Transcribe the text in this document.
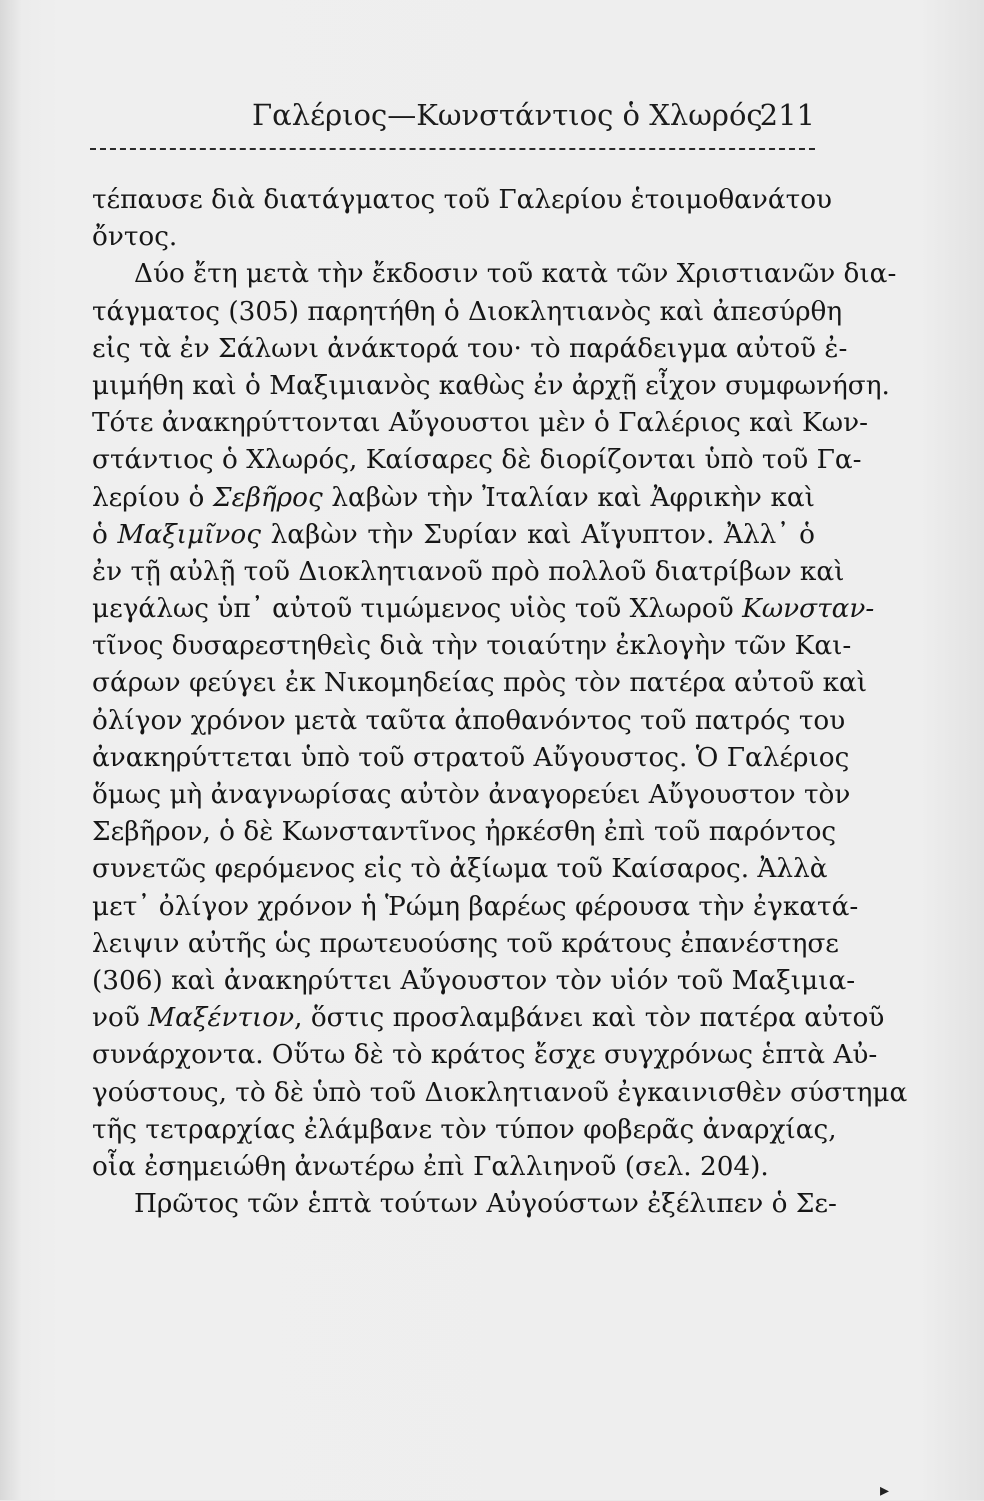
Γαλέριος—Κωνστάντιος ὁ Χλωρός
211
τέπαυσε διὰ διατάγματος τοῦ Γαλερίου ἑτοιμοθανάτου
ὄντος.
Δύο ἔτη μετὰ τὴν ἔκδοσιν τοῦ κατὰ τῶν Χριστιανῶν δια-
τάγματος (305) παρητήθη ὁ Διοκλητιανὸς καὶ ἀπεσύρθη
εἰς τὰ ἐν Σάλωνι ἀνάκτορά του· τὸ παράδειγμα αὐτοῦ ἐ-
μιμήθη καὶ ὁ Μαξιμιανὸς καθὼς ἐν ἀρχῇ εἶχον συμφωνήση.
Τότε ἀνακηρύττονται Αὔγουστοι μὲν ὁ Γαλέριος καὶ Κων-
στάντιος ὁ Χλωρός, Καίσαρες δὲ διορίζονται ὑπὸ τοῦ Γα-
λερίου ὁ Σεβῆρος λαβὼν τὴν Ἰταλίαν καὶ Ἀφρικὴν καὶ
ὁ Μαξιμῖνος λαβὼν τὴν Συρίαν καὶ Αἴγυπτον. Ἀλλ᾽ ὁ
ἐν τῇ αὐλῇ τοῦ Διοκλητιανοῦ πρὸ πολλοῦ διατρίβων καὶ
μεγάλως ὑπ᾽ αὐτοῦ τιμώμενος υἱὸς τοῦ Χλωροῦ Κωνσταν-
τῖνος δυσαρεστηθεὶς διὰ τὴν τοιαύτην ἐκλογὴν τῶν Και-
σάρων φεύγει ἐκ Νικομηδείας πρὸς τὸν πατέρα αὐτοῦ καὶ
ὀλίγον χρόνον μετὰ ταῦτα ἀποθανόντος τοῦ πατρός του
ἀνακηρύττεται ὑπὸ τοῦ στρατοῦ Αὔγουστος. Ὁ Γαλέριος
ὅμως μὴ ἀναγνωρίσας αὐτὸν ἀναγορεύει Αὔγουστον τὸν
Σεβῆρον, ὁ δὲ Κωνσταντῖνος ἠρκέσθη ἐπὶ τοῦ παρόντος
συνετῶς φερόμενος εἰς τὸ ἀξίωμα τοῦ Καίσαρος. Ἀλλὰ
μετ᾽ ὀλίγον χρόνον ἡ Ῥώμη βαρέως φέρουσα τὴν ἐγκατά-
λειψιν αὐτῆς ὡς πρωτευούσης τοῦ κράτους ἐπανέστησε
(306) καὶ ἀνακηρύττει Αὔγουστον τὸν υἱόν τοῦ Μαξιμια-
νοῦ Μαξέντιον, ὅστις προσλαμβάνει καὶ τὸν πατέρα αὐτοῦ
συνάρχοντα. Οὕτω δὲ τὸ κράτος ἔσχε συγχρόνως ἑπτὰ Αὐ-
γούστους, τὸ δὲ ὑπὸ τοῦ Διοκλητιανοῦ ἐγκαινισθὲν σύστημα
τῆς τετραρχίας ἐλάμβανε τὸν τύπον φοβερᾶς ἀναρχίας,
οἷα ἐσημειώθη ἀνωτέρω ἐπὶ Γαλλιηνοῦ (σελ. 204).
Πρῶτος τῶν ἑπτὰ τούτων Αὐγούστων ἐξέλιπεν ὁ Σε-
▸
